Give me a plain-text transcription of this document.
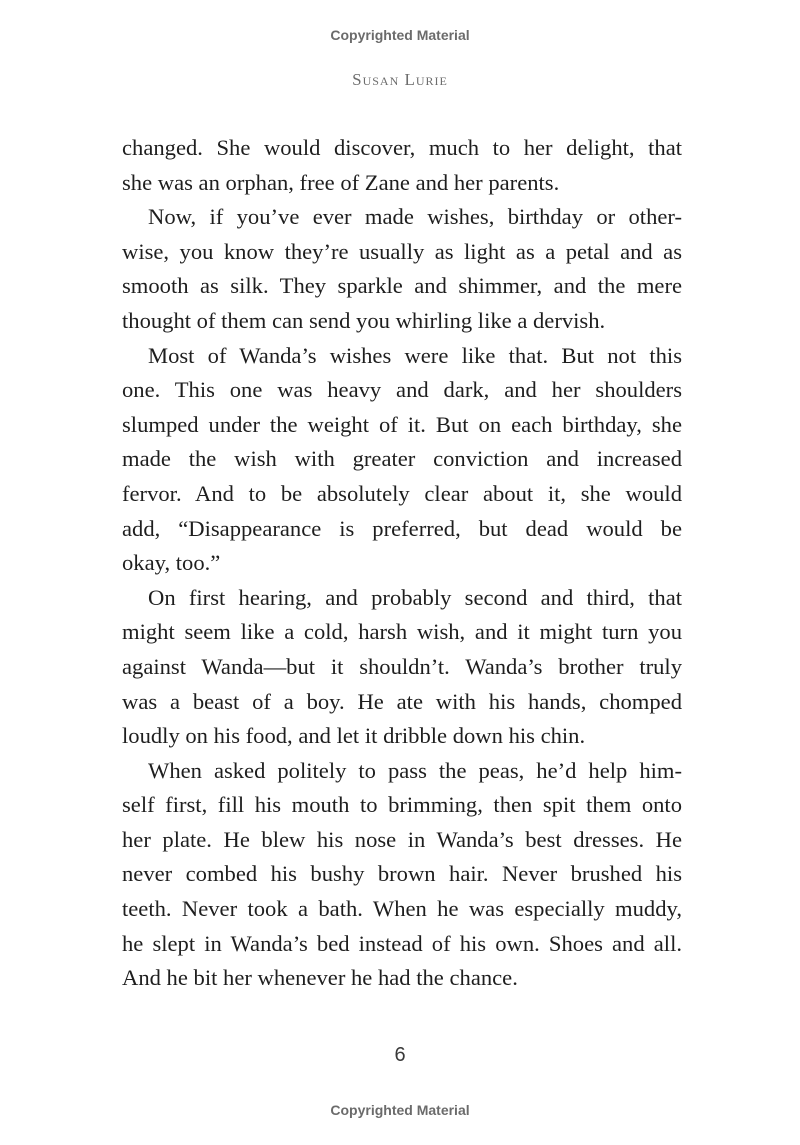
Copyrighted Material
Susan Lurie
changed. She would discover, much to her delight, that
she was an orphan, free of Zane and her parents.
Now, if you’ve ever made wishes, birthday or other-
wise, you know they’re usually as light as a petal and as
smooth as silk. They sparkle and shimmer, and the mere
thought of them can send you whirling like a dervish.
Most of Wanda’s wishes were like that. But not this
one. This one was heavy and dark, and her shoulders
slumped under the weight of it. But on each birthday, she
made the wish with greater conviction and increased
fervor. And to be absolutely clear about it, she would
add, “Disappearance is preferred, but dead would be
okay, too.”
On first hearing, and probably second and third, that
might seem like a cold, harsh wish, and it might turn you
against Wanda—but it shouldn’t. Wanda’s brother truly
was a beast of a boy. He ate with his hands, chomped
loudly on his food, and let it dribble down his chin.
When asked politely to pass the peas, he’d help him-
self first, fill his mouth to brimming, then spit them onto
her plate. He blew his nose in Wanda’s best dresses. He
never combed his bushy brown hair. Never brushed his
teeth. Never took a bath. When he was especially muddy,
he slept in Wanda’s bed instead of his own. Shoes and all.
And he bit her whenever he had the chance.
6
Copyrighted Material
